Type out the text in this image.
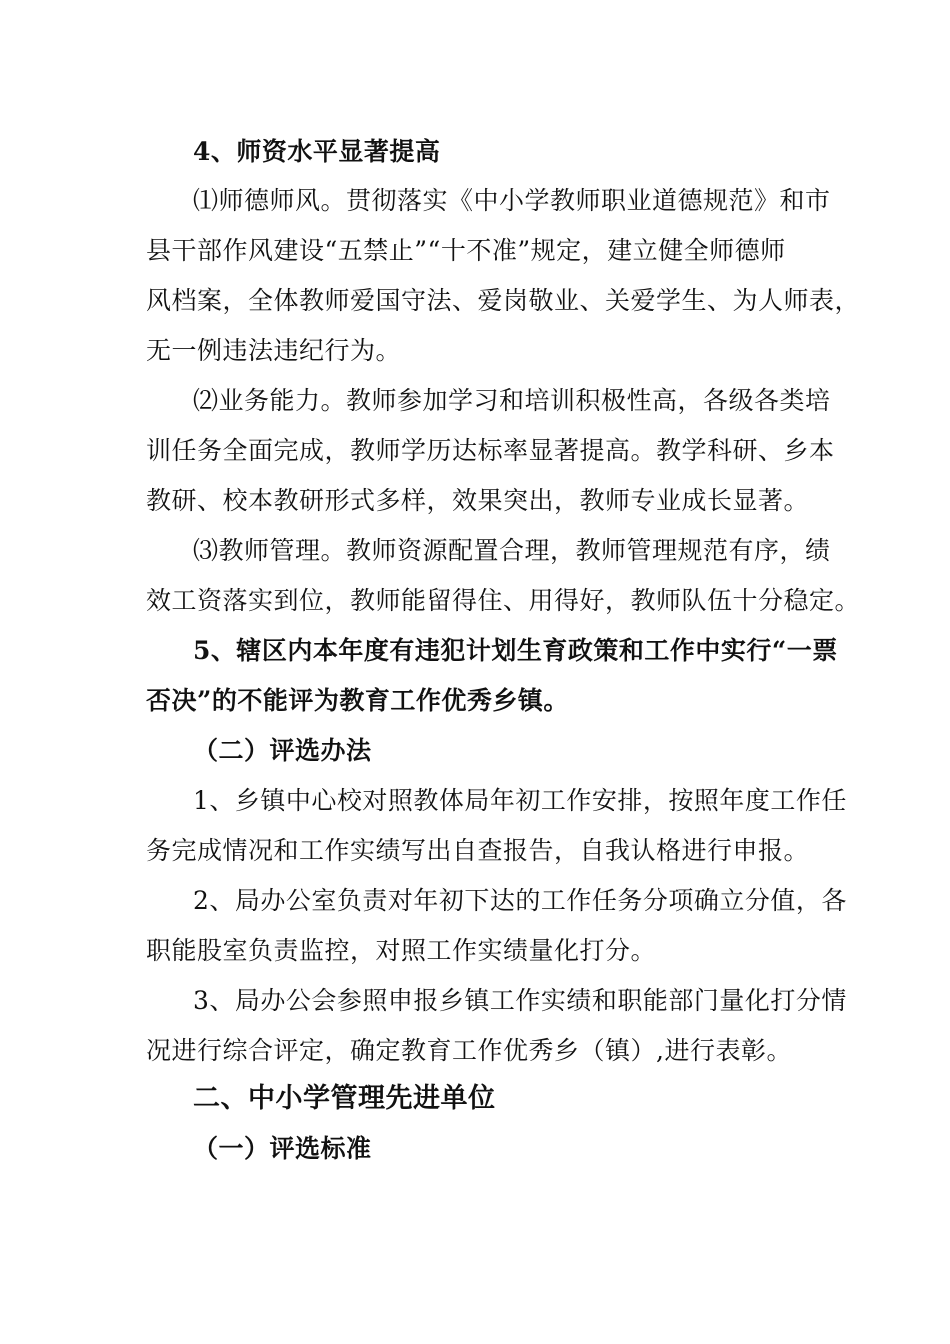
4、师资水平显著提高
⑴师德师风。贯彻落实《中小学教师职业道德规范》和市
县干部作风建设“五禁止”“十不准”规定，建立健全师德师
风档案，全体教师爱国守法、爱岗敬业、关爱学生、为人师表，
无一例违法违纪行为。
⑵业务能力。教师参加学习和培训积极性高，各级各类培
训任务全面完成，教师学历达标率显著提高。教学科研、乡本
教研、校本教研形式多样，效果突出，教师专业成长显著。
⑶教师管理。教师资源配置合理，教师管理规范有序，绩
效工资落实到位，教师能留得住、用得好，教师队伍十分稳定。
5、辖区内本年度有违犯计划生育政策和工作中实行“一票
否决”的不能评为教育工作优秀乡镇。
（二）评选办法
1、乡镇中心校对照教体局年初工作安排，按照年度工作任
务完成情况和工作实绩写出自查报告，自我认格进行申报。
2、局办公室负责对年初下达的工作任务分项确立分值，各
职能股室负责监控，对照工作实绩量化打分。
3、局办公会参照申报乡镇工作实绩和职能部门量化打分情
况进行综合评定，确定教育工作优秀乡（镇）,进行表彰。
二、中小学管理先进单位
（一）评选标准
